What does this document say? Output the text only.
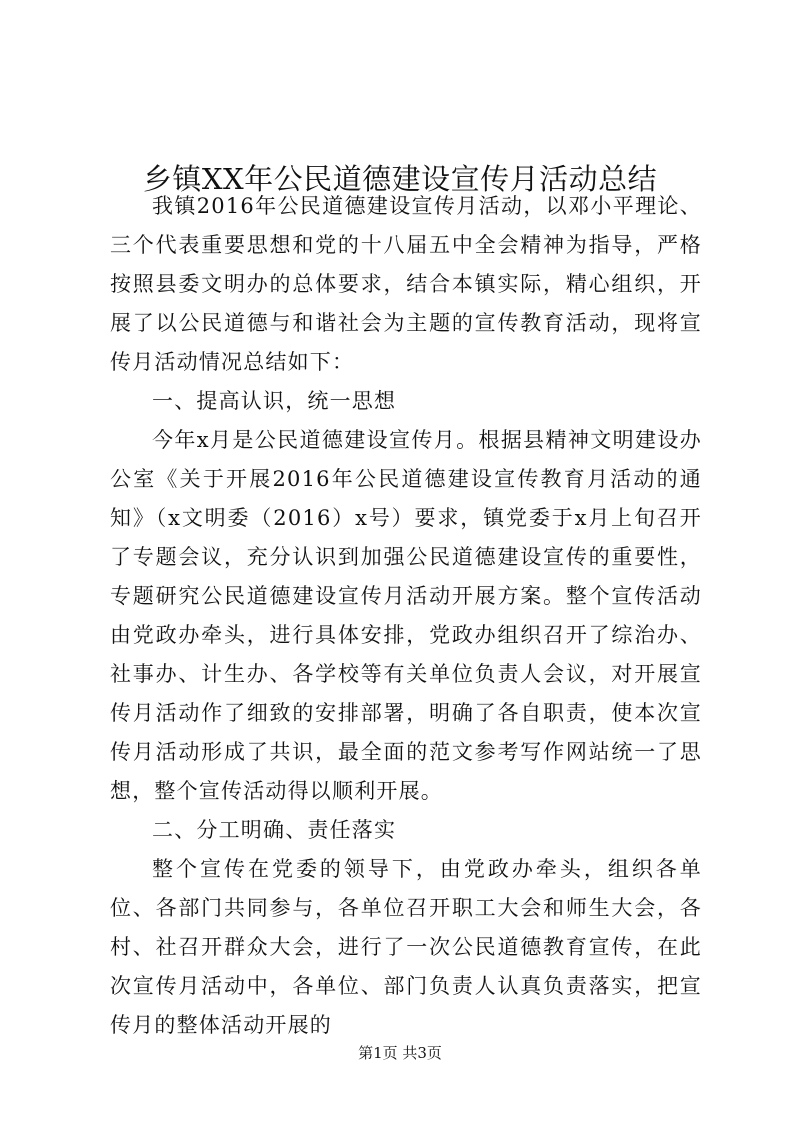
乡镇XX年公民道德建设宣传月活动总结

我镇2016年公民道德建设宣传月活动，以邓小平理论、三个代表重要思想和党的十八届五中全会精神为指导，严格按照县委文明办的总体要求，结合本镇实际，精心组织，开展了以公民道德与和谐社会为主题的宣传教育活动，现将宣传月活动情况总结如下：

一、提高认识，统一思想

今年x月是公民道德建设宣传月。根据县精神文明建设办公室《关于开展2016年公民道德建设宣传教育月活动的通知》（x文明委（2016）x号）要求，镇党委于x月上旬召开了专题会议，充分认识到加强公民道德建设宣传的重要性，专题研究公民道德建设宣传月活动开展方案。整个宣传活动由党政办牵头，进行具体安排，党政办组织召开了综治办、社事办、计生办、各学校等有关单位负责人会议，对开展宣传月活动作了细致的安排部署，明确了各自职责，使本次宣传月活动形成了共识，最全面的范文参考写作网站统一了思想，整个宣传活动得以顺利开展。

二、分工明确、责任落实

整个宣传在党委的领导下，由党政办牵头，组织各单位、各部门共同参与，各单位召开职工大会和师生大会，各村、社召开群众大会，进行了一次公民道德教育宣传，在此次宣传月活动中，各单位、部门负责人认真负责落实，把宣传月的整体活动开展的

第1页 共3页
